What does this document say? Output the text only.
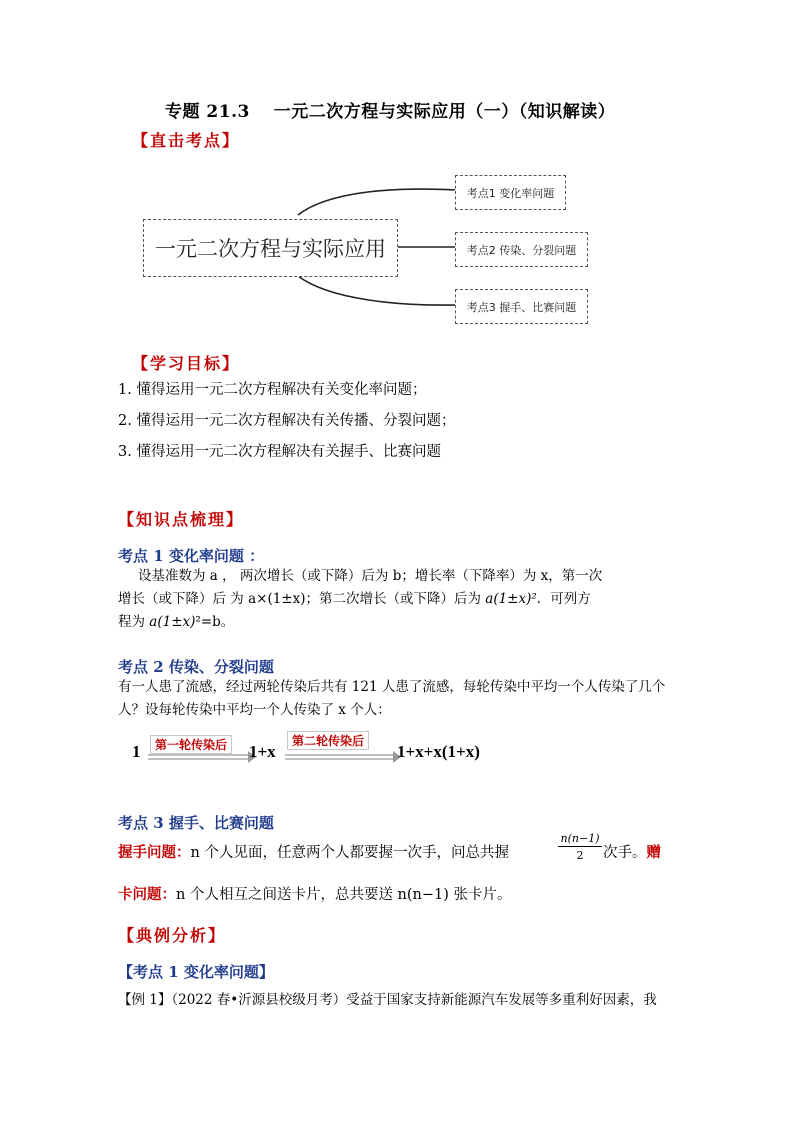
专题 21.3　 一元二次方程与实际应用（一）（知识解读）
【直击考点】
一元二次方程与实际应用
考点1 变化率问题
考点2 传染、分裂问题
考点3 握手、比赛问题
【学习目标】
1. 懂得运用一元二次方程解决有关变化率问题；
2. 懂得运用一元二次方程解决有关传播、分裂问题；
3. 懂得运用一元二次方程解决有关握手、比赛问题
【知识点梳理】
考点 1 变化率问题 ：
设基准数为 a ， 两次增长（或下降）后为 b；增长率（下降率）为 x，第一次
增长（或下降）后 为 a×(1±x)；第二次增长（或下降）后为 a(1±x)²．可列方
程为 a(1±x)²=b。
考点 2 传染、分裂问题
有一人患了流感，经过两轮传染后共有 121 人患了流感，每轮传染中平均一个人传染了几个
人？设每轮传染中平均一个人传染了 x 个人：
1	第一轮传染后 1+x
第二轮传染后
1+x+x(1+x)
考点 3 握手、比赛问题
握手问题：n 个人见面，任意两个人都要握一次手，问总共握	$\frac{n(n-1)}{2}$ 次手。赠
卡问题：n 个人相互之间送卡片，总共要送 n(n−1) 张卡片。
【典例分析】
【考点 1 变化率问题】
【例 1】（2022 春•沂源县校级月考）受益于国家支持新能源汽车发展等多重利好因素，我
